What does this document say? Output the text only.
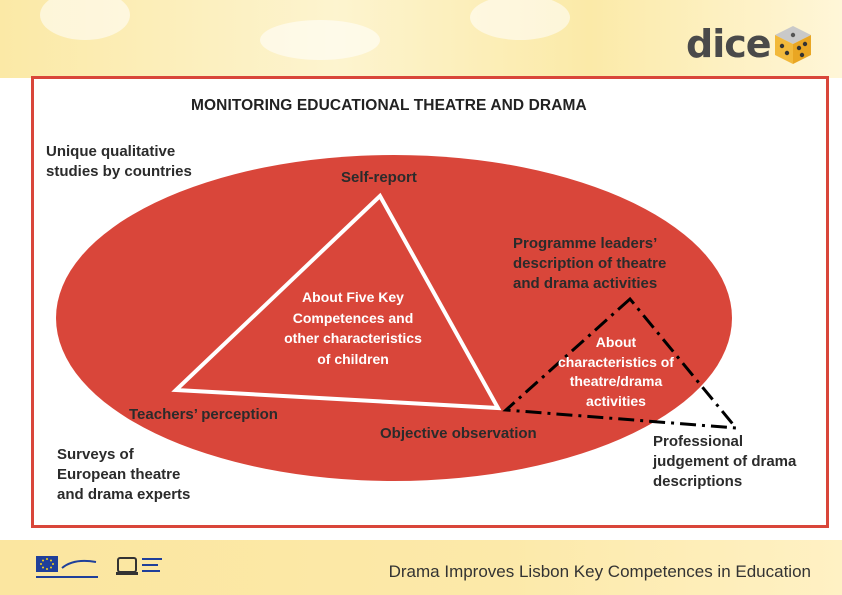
dice
MONITORING EDUCATIONAL THEATRE AND DRAMA
Unique qualitative
studies by countries	Self-report
Programme leaders’
description of theatre
and drama activities
About Five Key
Competences and
other characteristics
of children
About
characteristics of
theatre/drama
activities
Teachers’ perception
Objective observation	Professional
judgement of drama
descriptions
Surveys of
European theatre
and drama experts
Drama Improves Lisbon Key Competences in Education
